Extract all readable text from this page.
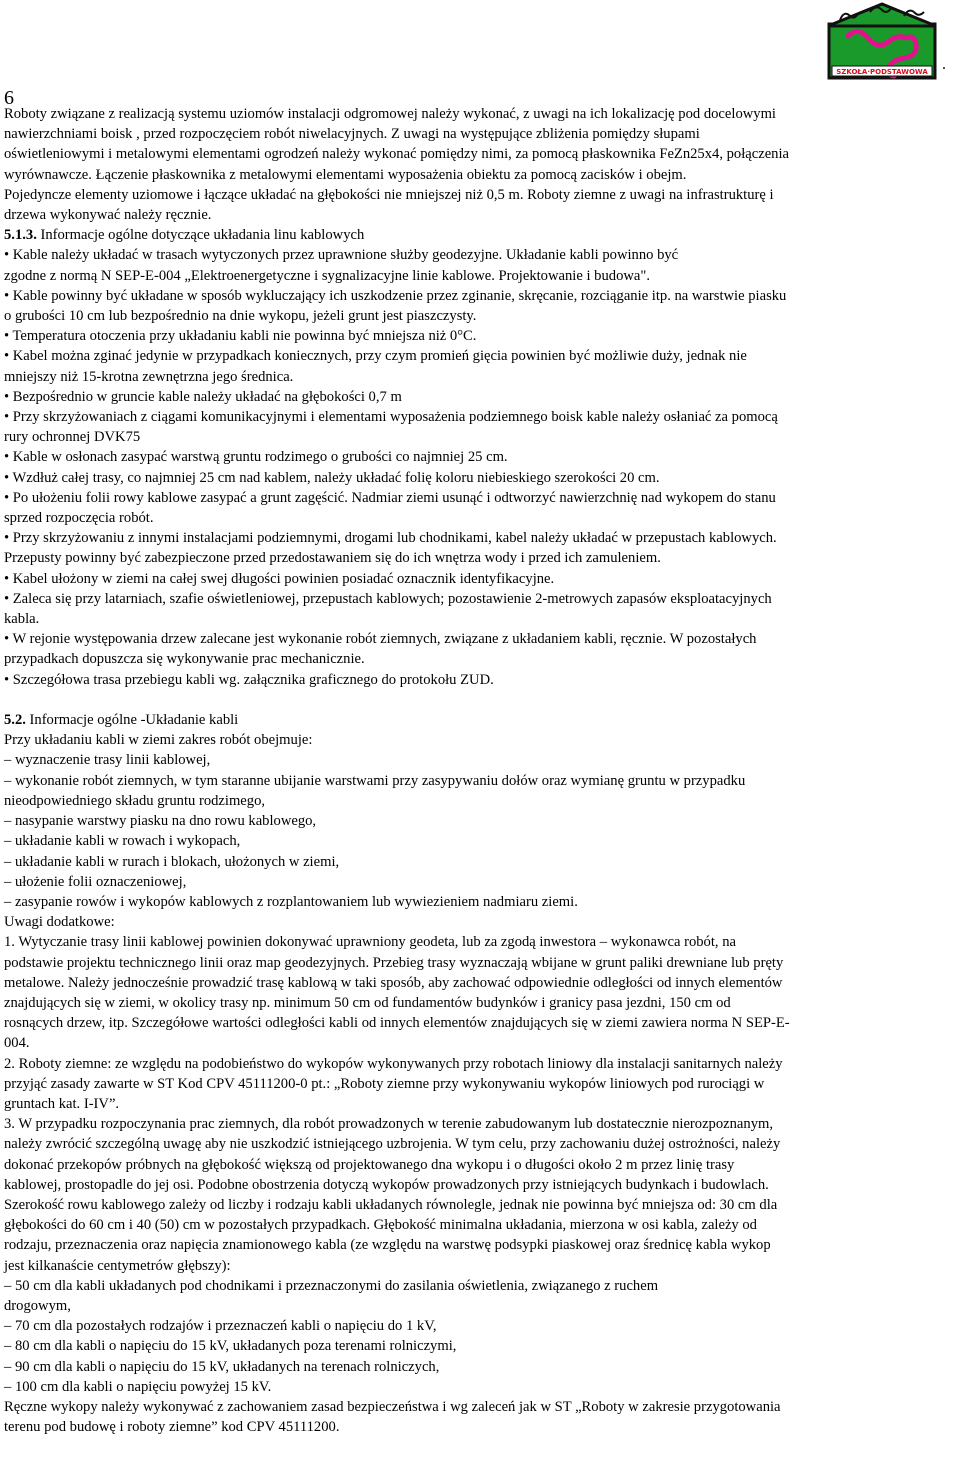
SZKOŁA·PODSTAWOWA .
6

Roboty związane z realizacją systemu uziomów instalacji odgromowej należy wykonać, z uwagi na ich lokalizację pod docelowymi

nawierzchniami boisk , przed rozpoczęciem robót niwelacyjnych. Z uwagi na występujące zbliżenia pomiędzy słupami

oświetleniowymi i metalowymi elementami ogrodzeń należy wykonać pomiędzy nimi, za pomocą płaskownika FeZn25x4, połączenia

wyrównawcze. Łączenie płaskownika z metalowymi elementami wyposażenia obiektu za pomocą zacisków i obejm.

Pojedyncze elementy uziomowe i łączące układać na głębokości nie mniejszej niż 0,5 m. Roboty ziemne z uwagi na infrastrukturę i

drzewa wykonywać należy ręcznie.

5.1.3. Informacje ogólne dotyczące układania linu kablowych

• Kable należy układać w trasach wytyczonych przez uprawnione służby geodezyjne. Układanie kabli powinno być

zgodne z normą N SEP-E-004 „Elektroenergetyczne i sygnalizacyjne linie kablowe. Projektowanie i budowa".

• Kable powinny być układane w sposób wykluczający ich uszkodzenie przez zginanie, skręcanie, rozciąganie itp. na warstwie piasku

o grubości 10 cm lub bezpośrednio na dnie wykopu, jeżeli grunt jest piaszczysty.

• Temperatura otoczenia przy układaniu kabli nie powinna być mniejsza niż 0°C.

• Kabel można zginać jedynie w przypadkach koniecznych, przy czym promień gięcia powinien być możliwie duży, jednak nie

mniejszy niż 15-krotna zewnętrzna jego średnica.

• Bezpośrednio w gruncie kable należy układać na głębokości 0,7 m

• Przy skrzyżowaniach z ciągami komunikacyjnymi i elementami wyposażenia podziemnego boisk kable należy osłaniać za pomocą

rury ochronnej DVK75

• Kable w osłonach zasypać warstwą gruntu rodzimego o grubości co najmniej 25 cm.

• Wzdłuż całej trasy, co najmniej 25 cm nad kablem, należy układać folię koloru niebieskiego szerokości 20 cm.

• Po ułożeniu folii rowy kablowe zasypać a grunt zagęścić. Nadmiar ziemi usunąć i odtworzyć nawierzchnię nad wykopem do stanu

sprzed rozpoczęcia robót.

• Przy skrzyżowaniu z innymi instalacjami podziemnymi, drogami lub chodnikami, kabel należy układać w przepustach kablowych.

Przepusty powinny być zabezpieczone przed przedostawaniem się do ich wnętrza wody i przed ich zamuleniem.

• Kabel ułożony w ziemi na całej swej długości powinien posiadać oznacznik identyfikacyjne.

• Zaleca się przy latarniach, szafie oświetleniowej, przepustach kablowych; pozostawienie 2-metrowych zapasów eksploatacyjnych

kabla.

• W rejonie występowania drzew zalecane jest wykonanie robót ziemnych, związane z układaniem kabli, ręcznie. W pozostałych

przypadkach dopuszcza się wykonywanie prac mechanicznie.

• Szczegółowa trasa przebiegu kabli wg. załącznika graficznego do protokołu ZUD.

5.2. Informacje ogólne -Układanie kabli

Przy układaniu kabli w ziemi zakres robót obejmuje:

– wyznaczenie trasy linii kablowej,

– wykonanie robót ziemnych, w tym staranne ubijanie warstwami przy zasypywaniu dołów oraz wymianę gruntu w przypadku

nieodpowiedniego składu gruntu rodzimego,

– nasypanie warstwy piasku na dno rowu kablowego,

– układanie kabli w rowach i wykopach,

– układanie kabli w rurach i blokach, ułożonych w ziemi,

– ułożenie folii oznaczeniowej,

– zasypanie rowów i wykopów kablowych z rozplantowaniem lub wywiezieniem nadmiaru ziemi.

Uwagi dodatkowe:

1. Wytyczanie trasy linii kablowej powinien dokonywać uprawniony geodeta, lub za zgodą inwestora – wykonawca robót, na

podstawie projektu technicznego linii oraz map geodezyjnych. Przebieg trasy wyznaczają wbijane w grunt paliki drewniane lub pręty

metalowe. Należy jednocześnie prowadzić trasę kablową w taki sposób, aby zachować odpowiednie odległości od innych elementów

znajdujących się w ziemi, w okolicy trasy np. minimum 50 cm od fundamentów budynków i granicy pasa jezdni, 150 cm od

rosnących drzew, itp. Szczegółowe wartości odległości kabli od innych elementów znajdujących się w ziemi zawiera norma N SEP-E-

004.

2. Roboty ziemne: ze względu na podobieństwo do wykopów wykonywanych przy robotach liniowy dla instalacji sanitarnych należy

przyjąć zasady zawarte w ST Kod CPV 45111200-0 pt.: „Roboty ziemne przy wykonywaniu wykopów liniowych pod rurociągi w

gruntach kat. I-IV”.

3. W przypadku rozpoczynania prac ziemnych, dla robót prowadzonych w terenie zabudowanym lub dostatecznie nierozpoznanym,

należy zwrócić szczególną uwagę aby nie uszkodzić istniejącego uzbrojenia. W tym celu, przy zachowaniu dużej ostrożności, należy

dokonać przekopów próbnych na głębokość większą od projektowanego dna wykopu i o długości około 2 m przez linię trasy

kablowej, prostopadle do jej osi. Podobne obostrzenia dotyczą wykopów prowadzonych przy istniejących budynkach i budowlach.

Szerokość rowu kablowego zależy od liczby i rodzaju kabli układanych równolegle, jednak nie powinna być mniejsza od: 30 cm dla

głębokości do 60 cm i 40 (50) cm w pozostałych przypadkach. Głębokość minimalna układania, mierzona w osi kabla, zależy od

rodzaju, przeznaczenia oraz napięcia znamionowego kabla (ze względu na warstwę podsypki piaskowej oraz średnicę kabla wykop

jest kilkanaście centymetrów głębszy):

– 50 cm dla kabli układanych pod chodnikami i przeznaczonymi do zasilania oświetlenia, związanego z ruchem

drogowym,

– 70 cm dla pozostałych rodzajów i przeznaczeń kabli o napięciu do 1 kV,

– 80 cm dla kabli o napięciu do 15 kV, układanych poza terenami rolniczymi,

– 90 cm dla kabli o napięciu do 15 kV, układanych na terenach rolniczych,

– 100 cm dla kabli o napięciu powyżej 15 kV.

Ręczne wykopy należy wykonywać z zachowaniem zasad bezpieczeństwa i wg zaleceń jak w ST „Roboty w zakresie przygotowania

terenu pod budowę i roboty ziemne” kod CPV 45111200.
